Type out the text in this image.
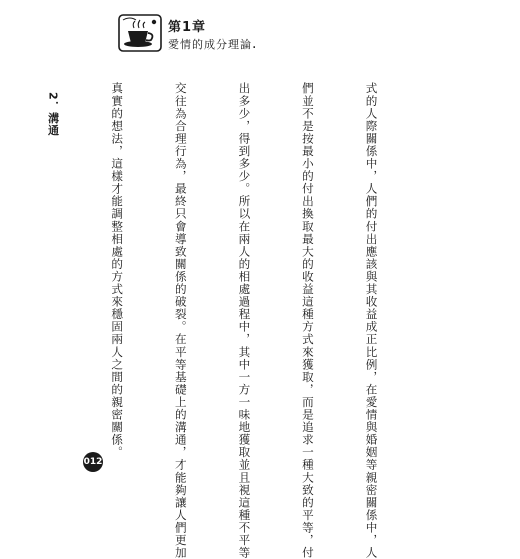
第1章
愛情的成分理論.

式的人際關係中，人們的付出應該與其收益成正比例，在愛情與婚姻等親密關係中，人

們並不是按最小的付出換取最大的收益這種方式來獲取，而是追求一種大致的平等，付

出多少，得到多少。所以在兩人的相處過程中，其中一方一味地獲取並且視這種不平等

交往為合理行為，最終只會導致關係的破裂。在平等基礎上的溝通，才能夠讓人們更加

真實的想法，這樣才能調整相處的方式來穩固兩人之間的親密關係。

2．溝通

012
